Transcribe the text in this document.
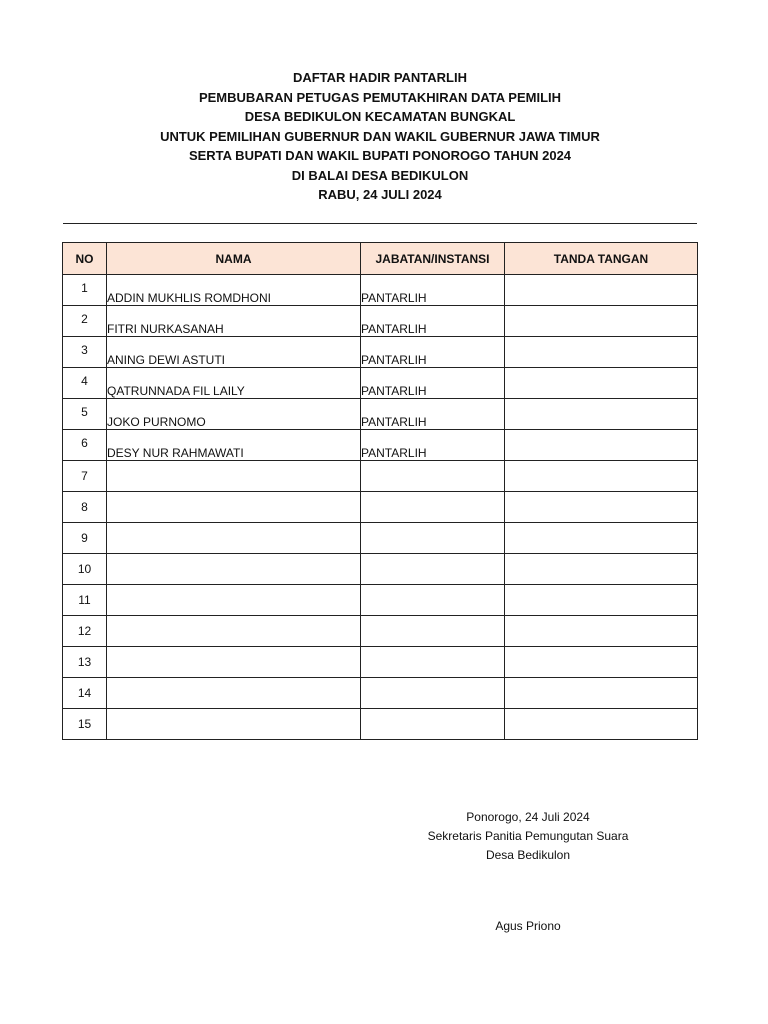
DAFTAR HADIR PANTARLIH
PEMBUBARAN PETUGAS PEMUTAKHIRAN DATA PEMILIH
DESA BEDIKULON KECAMATAN BUNGKAL
UNTUK PEMILIHAN GUBERNUR DAN WAKIL GUBERNUR JAWA TIMUR
SERTA BUPATI DAN WAKIL BUPATI PONOROGO TAHUN 2024
DI BALAI DESA BEDIKULON
RABU, 24 JULI 2024
NO	NAMA	JABATAN/INSTANSI	TANDA TANGAN
1	ADDIN MUKHLIS ROMDHONI	PANTARLIH	
2	FITRI NURKASANAH	PANTARLIH	
3	ANING DEWI ASTUTI	PANTARLIH	
4	QATRUNNADA FIL LAILY	PANTARLIH	
5	JOKO PURNOMO	PANTARLIH	
6	DESY NUR RAHMAWATI	PANTARLIH	
7			
8			
9			
10			
11			
12			
13			
14			
15			
Ponorogo, 24 Juli 2024
Sekretaris Panitia Pemungutan Suara
Desa Bedikulon
Agus Priono
